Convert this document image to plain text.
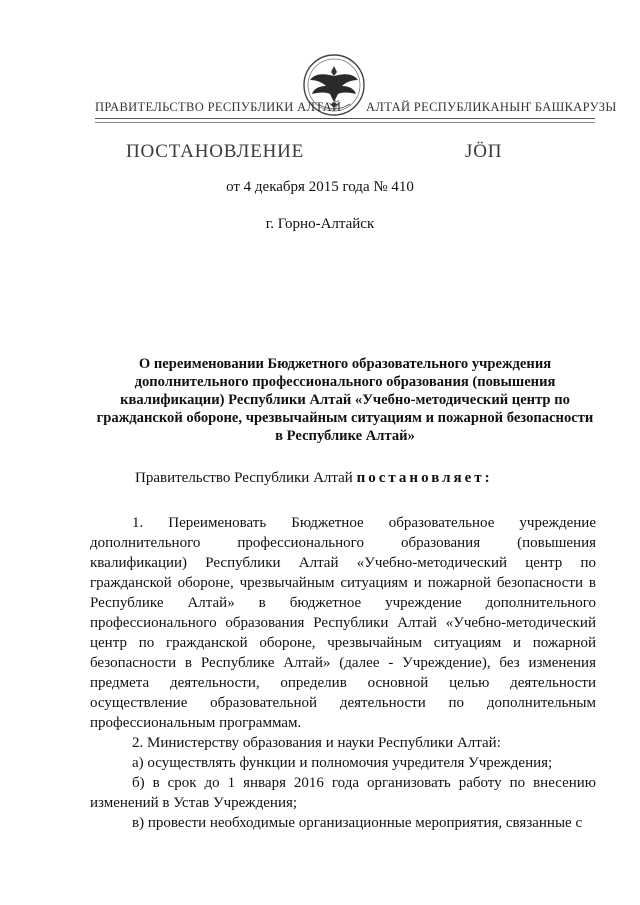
ПРАВИТЕЛЬСТВО РЕСПУБЛИКИ АЛТАЙ АЛТАЙ РЕСПУБЛИКАНЫҤ БАШКАРУЗЫ
ПОСТАНОВЛЕНИЕ	JÖП
от 4 декабря 2015 года № 410
г. Горно-Алтайск
О переименовании Бюджетного образовательного учреждения дополнительного профессионального образования (повышения квалификации) Республики Алтай «Учебно-методический центр по гражданской обороне, чрезвычайным ситуациям и пожарной безопасности в Республике Алтай»
Правительство Республики Алтай постановляет:

1. Переименовать Бюджетное образовательное учреждение дополнительного профессионального образования (повышения квалификации) Республики Алтай «Учебно-методический центр по гражданской обороне, чрезвычайным ситуациям и пожарной безопасности в Республике Алтай» в бюджетное учреждение дополнительного профессионального образования Республики Алтай «Учебно-методический центр по гражданской обороне, чрезвычайным ситуациям и пожарной безопасности в Республике Алтай» (далее - Учреждение), без изменения предмета деятельности, определив основной целью деятельности осуществление образовательной деятельности по дополнительным профессиональным программам.

2. Министерству образования и науки Республики Алтай:

а) осуществлять функции и полномочия учредителя Учреждения;

б) в срок до 1 января 2016 года организовать работу по внесению изменений в Устав Учреждения;

в) провести необходимые организационные мероприятия, связанные с
